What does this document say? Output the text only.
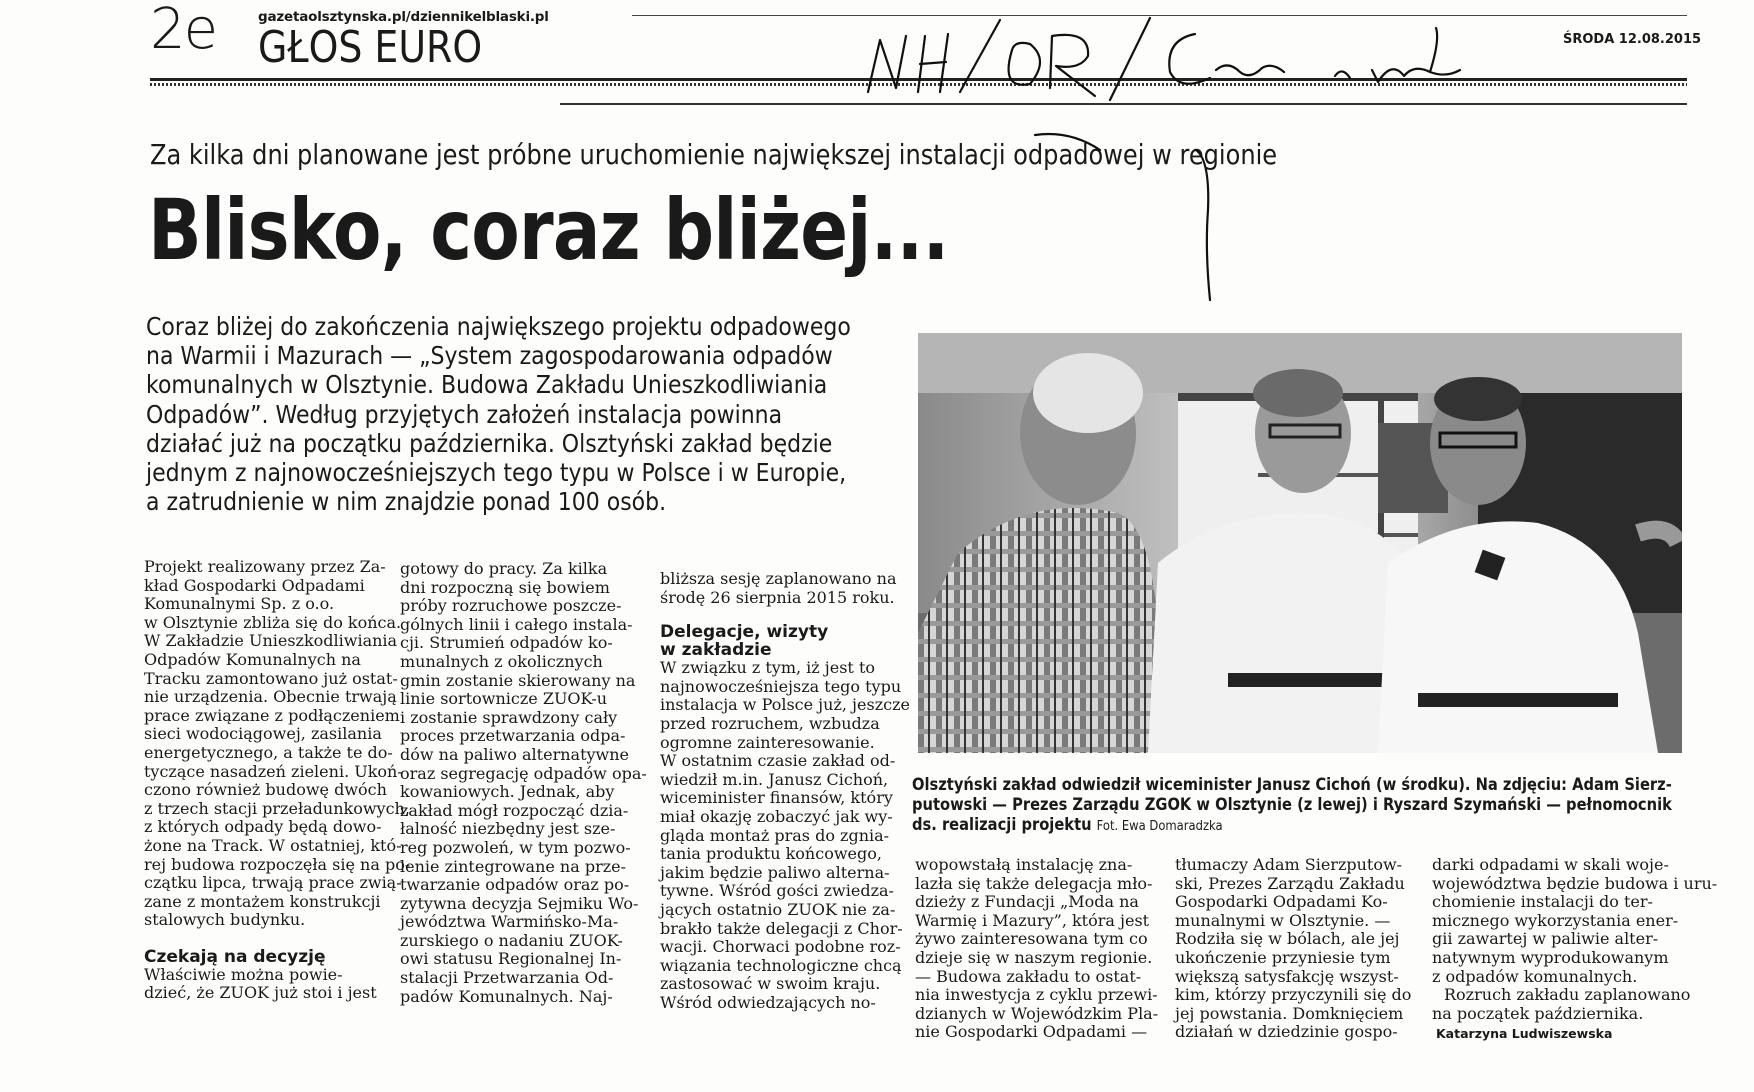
2e	gazetaolsztynska.pl/dziennikelblaski.pl
GŁOS EURO	ŚRODA 12.08.2015
Za kilka dni planowane jest próbne uruchomienie największej instalacji odpadowej w regionie
Blisko, coraz bliżej...
Coraz bliżej do zakończenia największego projektu odpadowego
na Warmii i Mazurach — „System zagospodarowania odpadów
komunalnych w Olsztynie. Budowa Zakładu Unieszkodliwiania
Odpadów”. Według przyjętych założeń instalacja powinna
działać już na początku października. Olsztyński zakład będzie
jednym z najnowocześniejszych tego typu w Polsce i w Europie,
a zatrudnienie w nim znajdzie ponad 100 osób.
Olsztyński zakład odwiedził wiceminister Janusz Cichoń (w środku). Na zdjęciu: Adam Sierz-
putowski — Prezes Zarządu ZGOK w Olsztynie (z lewej) i Ryszard Szymański — pełnomocnik
ds. realizacji projektu Fot. Ewa Domaradzka
Projekt realizowany przez Za-
kład Gospodarki Odpadami
Komunalnymi Sp. z o.o.
w Olsztynie zbliża się do końca.
W Zakładzie Unieszkodliwiania
Odpadów Komunalnych na
Tracku zamontowano już ostat-
nie urządzenia. Obecnie trwają
prace związane z podłączeniem
sieci wodociągowej, zasilania
energetycznego, a także te do-
tyczące nasadzeń zieleni. Ukoń-
czono również budowę dwóch
z trzech stacji przeładunkowych,
z których odpady będą dowo-
żone na Track. W ostatniej, któ-
rej budowa rozpoczęła się na po-
czątku lipca, trwają prace zwią-
zane z montażem konstrukcji
stalowych budynku.
Czekają na decyzję
Właściwie można powie-
dzieć, że ZUOK już stoi i jest
gotowy do pracy. Za kilka
dni rozpoczną się bowiem
próby rozruchowe poszcze-
gólnych linii i całego instala-
cji. Strumień odpadów ko-
munalnych z okolicznych
gmin zostanie skierowany na
linie sortownicze ZUOK-u
i zostanie sprawdzony cały
proces przetwarzania odpa-
dów na paliwo alternatywne
oraz segregację odpadów opa-
kowaniowych. Jednak, aby
zakład mógł rozpocząć dzia-
łalność niezbędny jest sze-
reg pozwoleń, w tym pozwo-
lenie zintegrowane na prze-
twarzanie odpadów oraz po-
zytywna decyzja Sejmiku Wo-
jewództwa Warmińsko-Ma-
zurskiego o nadaniu ZUOK-
owi statusu Regionalnej In-
stalacji Przetwarzania Od-
padów Komunalnych. Naj-
bliższa sesję zaplanowano na
środę 26 sierpnia 2015 roku.
Delegacje, wizyty
w zakładzie
W związku z tym, iż jest to
najnowocześniejsza tego typu
instalacja w Polsce już, jeszcze
przed rozruchem, wzbudza
ogromne zainteresowanie.
W ostatnim czasie zakład od-
wiedził m.in. Janusz Cichoń,
wiceminister finansów, który
miał okazję zobaczyć jak wy-
gląda montaż pras do zgnia-
tania produktu końcowego,
jakim będzie paliwo alterna-
tywne. Wśród gości zwiedza-
jących ostatnio ZUOK nie za-
brakło także delegacji z Chor-
wacji. Chorwaci podobne roz-
wiązania technologiczne chcą
zastosować w swoim kraju.
Wśród odwiedzających no-
wopowstałą instalację zna-
lazła się także delegacja mło-
dzieży z Fundacji „Moda na
Warmię i Mazury”, która jest
żywo zainteresowana tym co
dzieje się w naszym regionie.
— Budowa zakładu to ostat-
nia inwestycja z cyklu przewi-
dzianych w Wojewódzkim Pla-
nie Gospodarki Odpadami —
tłumaczy Adam Sierzputow-
ski, Prezes Zarządu Zakładu
Gospodarki Odpadami Ko-
munalnymi w Olsztynie. —
Rodziła się w bólach, ale jej
ukończenie przyniesie tym
większą satysfakcję wszyst-
kim, którzy przyczynili się do
jej powstania. Domknięciem
działań w dziedzinie gospo-
darki odpadami w skali woje-
województwa będzie budowa i uru-
chomienie instalacji do ter-
micznego wykorzystania ener-
gii zawartej w paliwie alter-
natywnym wyprodukowanym
z odpadów komunalnych.
Rozruch zakładu zaplanowano
na początek października.
Katarzyna Ludwiszewska
